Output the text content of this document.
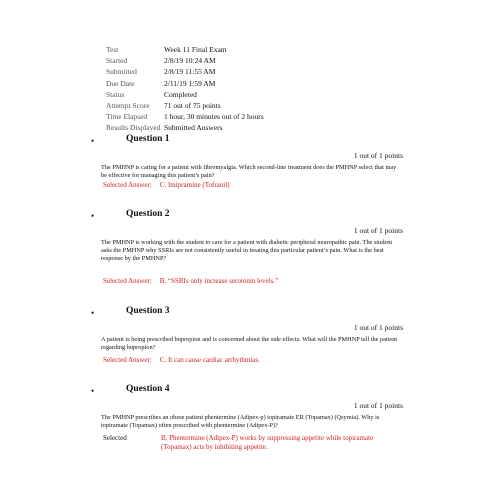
Test	Week 11 Final Exam
Started	2/8/19 10:24 AM
Submitted	2/8/19 11:55 AM
Due Date	2/11/19 1:59 AM
Status	Completed
Attempt Score	71 out of 75 points
Time Elapsed	1 hour, 30 minutes out of 2 hours
Results Displayed Submitted Answers
•	Question 1
1 out of 1 points
The PMHNP is caring for a patient with fibromyalgia. Which second-line treatment does the PMHNP select that may be effective for managing this patient’s pain?
Selected Answer: C. Imipramine (Tofranil)
•	Question 2
1 out of 1 points
The PMHNP is working with the student to care for a patient with diabetic peripheral neuropathic pain. The student asks the PMHNP why SSRIs are not consistently useful in treating this particular patient’s pain. What is the best response by the PMHNP?
Selected Answer: B. “SSRIs only increase serotonin levels.”
•	Question 3
1 out of 1 points
A patient is being prescribed bupropion and is concerned about the side effects. What will the PMHNP tell the patient regarding bupropion?
Selected Answer: C. It can cause cardiac arrhythmias.
•	Question 4
1 out of 1 points
The PMHNP prescribes an obese patient phentermine (Adipex-p) topiramate ER (Topamax) (Qsymia). Why is topiramate (Topamax) often prescribed with phentermine (Adipex-P)?
Selected	B. Phentermine (Adipex-P) works by suppressing appetite while topiramate (Topamax) acts by inhibiting appetite.
